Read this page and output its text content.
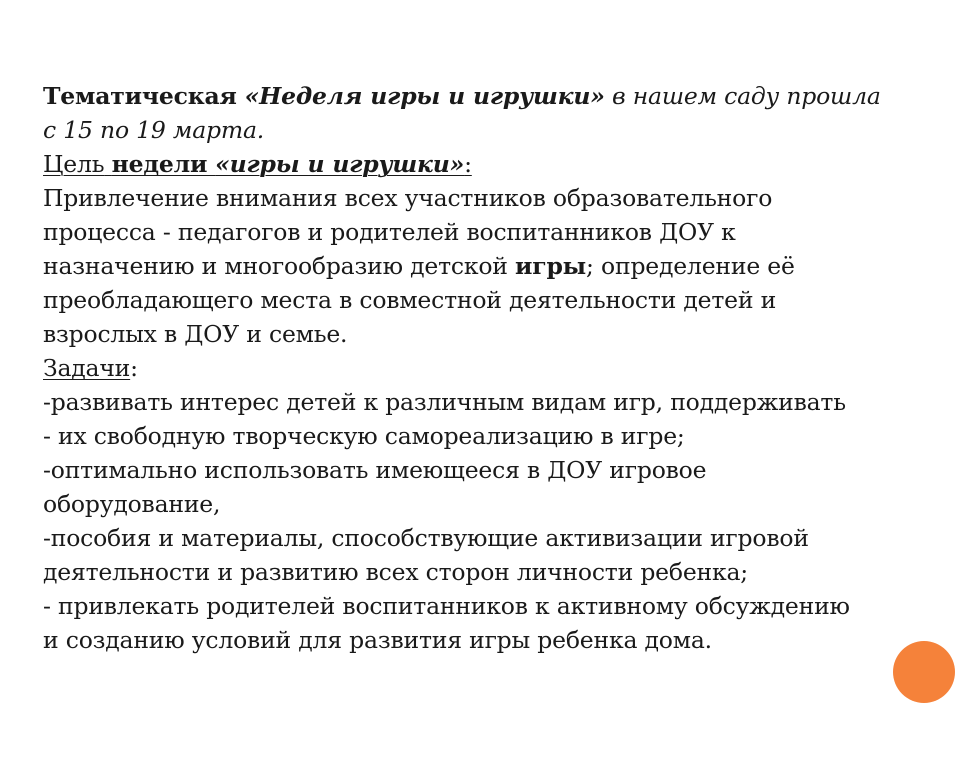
Тематическая «Неделя игры и игрушки» в нашем саду прошла
с 15 по 19 марта.
Цель недели «игры и игрушки»:
Привлечение внимания всех участников образовательного
процесса - педагогов и родителей воспитанников ДОУ к
назначению и многообразию детской игры; определение её
преобладающего места в совместной деятельности детей и
взрослых в ДОУ и семье.
Задачи:
-развивать интерес детей к различным видам игр, поддерживать
- их свободную творческую самореализацию в игре;
-оптимально использовать имеющееся в ДОУ игровое
оборудование,
-пособия и материалы, способствующие активизации игровой
деятельности и развитию всех сторон личности ребенка;
- привлекать родителей воспитанников к активному обсуждению
и созданию условий для развития игры ребенка дома.
